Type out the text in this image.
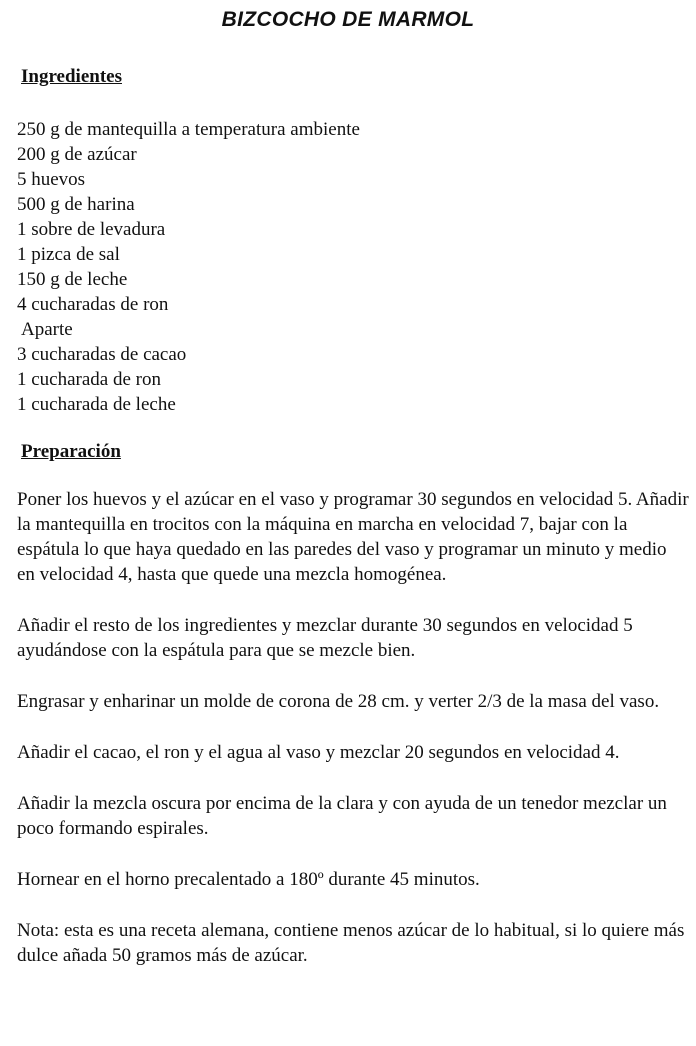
BIZCOCHO DE MARMOL
Ingredientes
250 g de mantequilla a temperatura ambiente
200 g de azúcar
5 huevos
500 g de harina
1 sobre de levadura
1 pizca de sal
150 g de leche
4 cucharadas de ron
Aparte
3 cucharadas de cacao
1 cucharada de ron
1 cucharada de leche
Preparación

Poner los huevos y el azúcar en el vaso y programar 30 segundos en velocidad 5. Añadir la mantequilla en trocitos con la máquina en marcha en velocidad 7, bajar con la espátula lo que haya quedado en las paredes del vaso y programar un minuto y medio en velocidad 4, hasta que quede una mezcla homogénea.

Añadir el resto de los ingredientes y mezclar durante 30 segundos en velocidad 5 ayudándose con la espátula para que se mezcle bien.

Engrasar y enharinar un molde de corona de 28 cm. y verter 2/3 de la masa del vaso.

Añadir el cacao, el ron y el agua al vaso y mezclar 20 segundos en velocidad 4.

Añadir la mezcla oscura por encima de la clara y con ayuda de un tenedor mezclar un poco formando espirales.

Hornear en el horno precalentado a 180º durante 45 minutos.

Nota: esta es una receta alemana, contiene menos azúcar de lo habitual, si lo quiere más dulce añada 50 gramos más de azúcar.
